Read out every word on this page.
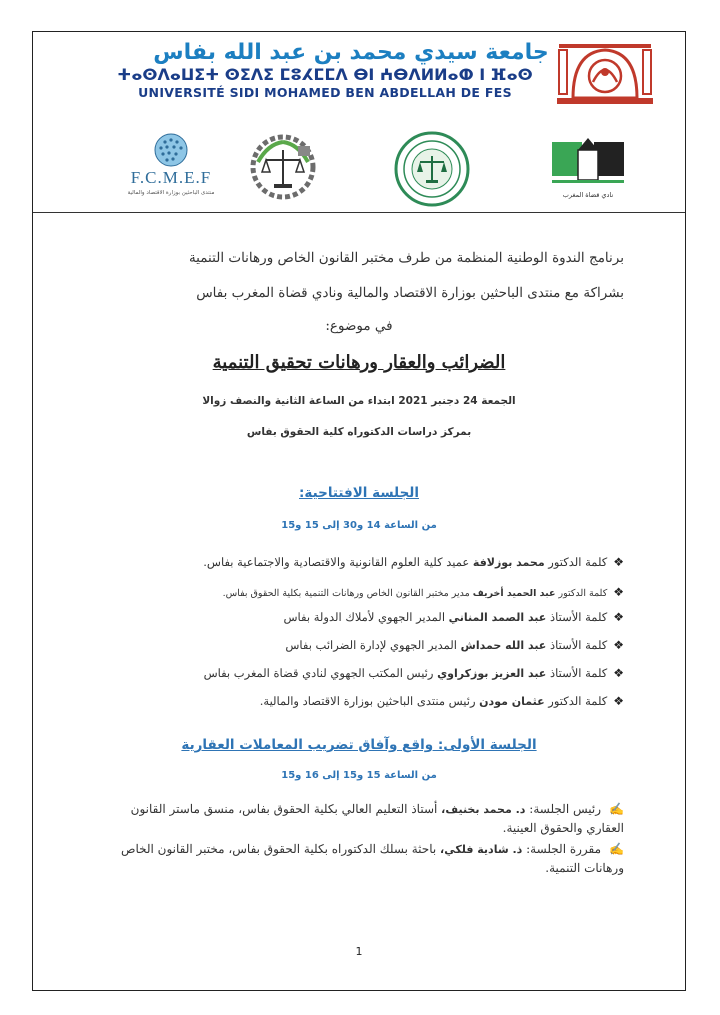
جامعة سيدي محمد بن عبد الله بفاس
ⵜⴰⵙⴷⴰⵡⵉⵜ ⵙⵉⴷⵉ ⵎⵓⵃⵎⵎⴷ ⴱⵏ ⵄⴱⴷⵍⵍⴰⵀ ⵏ ⴼⴰⵙ
UNIVERSITÉ SIDI MOHAMED BEN ABDELLAH DE FES
F.C.M.E.F
منتدى الباحثين بوزارة الاقتصاد والمالية	نادي قضاة المغرب
برنامج الندوة الوطنية المنظمة من طرف مختبر القانون الخاص ورهانات التنمية
بشراكة مع منتدى الباحثين بوزارة الاقتصاد والمالية ونادي قضاة المغرب بفاس
في موضوع:
الضرائب والعقار ورهانات تحقيق التنمية
الجمعة 24 دجنبر 2021 ابتداء من الساعة الثانية والنصف زوالا
بمركز دراسات الدكتوراه كلية الحقوق بفاس
الجلسة الافتتاحية:
من الساعة 14 و30 إلى 15 و15
❖كلمة الدكتور محمد بوزلافة عميد كلية العلوم القانونية والاقتصادية والاجتماعية بفاس.
❖كلمة الدكتور عبد الحميد أخريف مدير مختبر القانون الخاص ورهانات التنمية بكلية الحقوق بفاس.
❖كلمة الأستاذ عبد الصمد المناني المدير الجهوي لأملاك الدولة بفاس
❖كلمة الأستاذ عبد الله حمداش المدير الجهوي لإدارة الضرائب بفاس
❖كلمة الأستاذ عبد العزيز بوزكراوي رئيس المكتب الجهوي لنادي قضاة المغرب بفاس
❖كلمة الدكتور عثمان مودن رئيس منتدى الباحثين بوزارة الاقتصاد والمالية.
الجلسة الأولى: واقع وآفاق تضريب المعاملات العقارية
من الساعة 15 و15 إلى 16 و15
✍رئيس الجلسة: د. محمد بخنيف، أستاذ التعليم العالي بكلية الحقوق بفاس، منسق ماستر القانون العقاري والحقوق العينية.
✍مقررة الجلسة: ذ. شادية فلكي، باحثة بسلك الدكتوراه بكلية الحقوق بفاس، مختبر القانون الخاص ورهانات التنمية.
1
